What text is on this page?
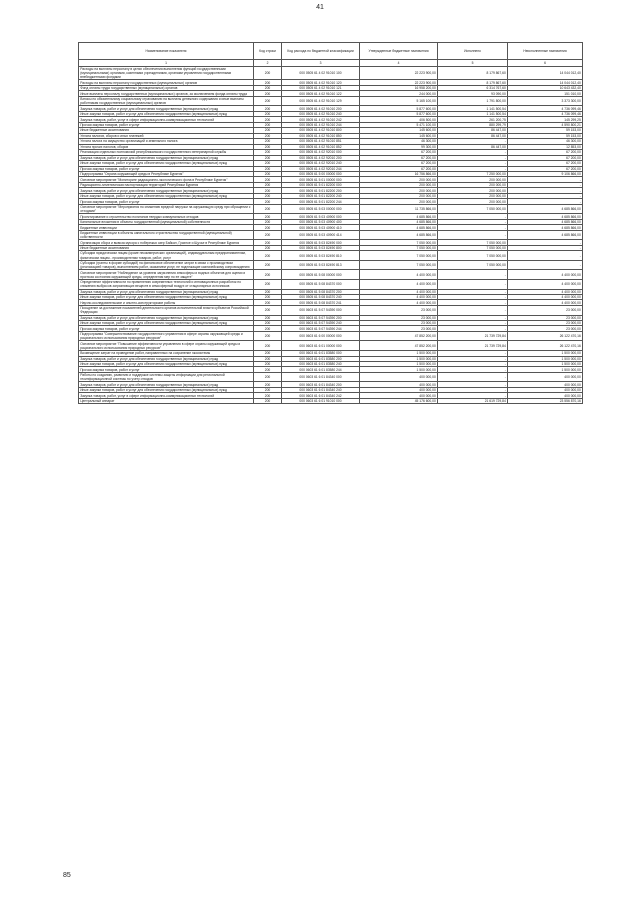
41
Наименование показателя	Код строки	Код расхода по бюджетной классификации	Утвержденные бюджетные назначения	Исполнено	Неисполненные назначения
1	2	3	4	5	6
Расходы на выплаты персоналу в целях обеспечения выполнения функций государственными (муниципальными) органами, казенными учреждениями, органами управления государственными внебюджетными фондами	200	000 0505 61 4 02 91010 100	22 223 900,00	8 179 867,60	14 044 012,40
Расходы на выплаты персоналу государственных (муниципальных) органов	200	000 0505 61 4 02 91010 120	22 223 900,00	8 179 867,60	14 044 012,40
Фонд оплаты труда государственных (муниципальных) органов	200	000 0505 61 4 02 91010 121	16 958 200,00	6 314 767,60	10 643 432,40
Иные выплаты персоналу государственных (муниципальных) органов, за исключением фонда оплаты труда	200	000 0505 61 4 02 91010 122	244 000,00	93 090,00	151 010,00
Взносы по обязательному социальному страхованию на выплаты денежного содержания и иные выплаты работникам государственных (муниципальных) органов	200	000 0505 61 4 02 91010 129	5 165 100,00	1 791 800,00	3 373 300,00
Закупка товаров, работ и услуг для обеспечения государственных (муниципальных) нужд	200	000 0505 61 4 02 91010 200	5 877 600,00	1 141 500,54	4 736 099,46
Иные закупки товаров, работ и услуг для обеспечения государственных (муниципальных) нужд	200	000 0505 61 4 02 91010 240	5 877 600,00	1 141 500,54	4 736 099,46
Закупка товаров, работ, услуг в сфере информационно-коммуникационных технологий	200	000 0505 61 4 02 91010 242	406 500,00	261 200,75	145 299,25
Прочая закупка товаров, работ и услуг	200	000 0505 61 4 02 91010 244	5 471 100,00	880 299,79	4 590 800,21
Иные бюджетные ассигнования	200	000 0505 61 4 02 91010 800	145 600,00	86 447,00	59 153,00
Уплата налогов, сборов и иных платежей	200	000 0505 61 4 02 91010 850	145 600,00	86 447,00	59 153,00
Уплата налога на имущество организаций и земельного налога	200	000 0505 61 4 02 91010 851	46 300,00	-	46 300,00
Уплата прочих налогов, сборов	200	000 0505 61 4 02 91010 852	99 300,00	86 447,00	12 853,00
Реализация отдельных полномочий республиканского государственного ветеринарной службы	200	000 0505 61 4 02 92010 000	67 200,00	-	67 200,00
Закупка товаров, работ и услуг для обеспечения государственных (муниципальных) нужд	200	000 0505 61 4 02 92010 200	67 200,00	-	67 200,00
Иные закупки товаров, работ и услуг для обеспечения государственных (муниципальных) нужд	200	000 0505 61 4 02 92010 240	67 200,00	-	67 200,00
Прочая закупка товаров, работ и услуг	200	000 0505 61 4 02 92010 244	67 200,00	-	67 200,00
Подпрограмма "Охрана окружающей среды в Республике Бурятия"	200	000 0505 61 5 00 00000 000	16 756 866,00	7 250 000,00	9 106 866,00
Основное мероприятие "Мониторинг радиационно-экологического фона в Республике Бурятия"	200	000 0505 61 5 01 00000 000	200 000,00	200 000,00	-
Радиационно-гигиеническая паспортизация территорий Республики Бурятия	200	000 0505 61 5 01 82200 000	200 000,00	200 000,00	-
Закупка товаров, работ и услуг для обеспечения государственных (муниципальных) нужд	200	000 0505 61 5 01 82200 200	200 000,00	200 000,00	-
Иные закупки товаров, работ и услуг для обеспечения государственных (муниципальных) нужд	200	000 0505 61 5 01 82200 240	200 000,00	200 000,00	-
Прочая закупка товаров, работ и услуг	200	000 0505 61 5 01 82200 244	200 000,00	200 000,00	-
Основное мероприятие "Мероприятия по снижению вредной нагрузки на окружающую среду при обращении с отходами"	200	000 0505 61 5 03 00000 000	11 735 866,00	7 050 000,00	4 685 866,00
Проектирование и строительство полигонов твердых коммунальных отходов	200	000 0505 61 5 03 40900 000	4 685 866,00	-	4 685 866,00
Капитальные вложения в объекты государственной (муниципальной) собственности	200	000 0505 61 5 03 40900 400	4 685 866,00	-	4 685 866,00
Бюджетные инвестиции	200	000 0505 61 5 03 40900 410	4 685 866,00	-	4 685 866,00
Бюджетные инвестиции в объекты капитального строительства государственной (муниципальной) собственности	200	000 0505 61 5 03 40900 414	4 685 866,00	-	4 685 866,00
Организация сбора и вывоза мусора с побережья озер Байкал, Гусиное и Щучье в Республике Бурятия	200	000 0505 61 5 03 82490 000	7 050 000,00	7 050 000,00	-
Иные бюджетные ассигнования	200	000 0505 61 5 03 82490 800	7 050 000,00	7 050 000,00	-
Субсидии юридическим лицам (кроме некоммерческих организаций), индивидуальным предпринимателям, физическим лицам - производителям товаров, работ, услуг	200	000 0505 61 5 03 82490 810	7 050 000,00	7 050 000,00	-
Субсидии (гранты в форме субсидий) на финансовое обеспечение затрат в связи с производством (реализацией товаров), выполнением работ, оказанием услуг, не подлежащие казначейскому сопровождению	200	000 0505 61 5 03 82490 813	7 050 000,00	7 050 000,00	-
Основное мероприятие "Наблюдение за уровнем загрязнения атмосферы и водных объектов для оценки и прогноза состояния окружающей среды, определения мер по ее защите"	200	000 0505 61 5 08 00000 000	4 400 000,00	-	4 400 000,00
Определение эффективности по применению современных технологий и инновационных разработок по снижению выбросов загрязняющих веществ в атмосферный воздух от стационарных источников	200	000 0505 61 5 08 84370 000	4 400 000,00	-	4 400 000,00
Закупка товаров, работ и услуг для обеспечения государственных (муниципальных) нужд	200	000 0505 61 5 08 84370 200	4 400 000,00	-	4 400 000,00
Иные закупки товаров, работ и услуг для обеспечения государственных (муниципальных) нужд	200	000 0505 61 5 08 84370 240	4 400 000,00	-	4 400 000,00
Научно-исследовательские и опытно-конструкторские работы	200	000 0505 61 5 08 84370 241	4 400 000,00	-	4 400 000,00
Поощрение за достижение показателей деятельности органов исполнительной власти субъектов Российской Федерации	200	000 0603 61 5 07 54390 000	23 000,00	-	23 000,00
Закупка товаров, работ и услуг для обеспечения государственных (муниципальных) нужд	200	000 0603 61 5 07 54390 200	23 000,00	-	23 000,00
Иные закупки товаров, работ и услуг для обеспечения государственных (муниципальных) нужд	200	000 0603 61 5 07 54390 240	23 000,00	-	23 000,00
Прочая закупка товаров, работ и услуг	200	000 0603 61 5 07 54390 244	23 000,00	-	23 000,00
Подпрограмма "Совершенствование государственного управления в сфере охраны окружающей среды и рационального использования природных ресурсов"	200	000 0603 61 6 00 00000 000	47 852 200,00	21 739 729,84	26 122 470,16
Основное мероприятие "Повышение эффективности управления в сфере охраны окружающей среды и рационального использования природных ресурсов"	200	000 0603 61 6 01 00000 000	47 852 200,00	21 739 729,84	26 122 470,16
Возмещение затрат на проведение работ, направленных на сохранение экосистемы	200	000 0603 61 6 01 83580 000	1 500 000,00	-	1 500 000,00
Закупка товаров, работ и услуг для обеспечения государственных (муниципальных) нужд	200	000 0603 61 6 01 83580 200	1 500 000,00	-	1 500 000,00
Иные закупки товаров, работ и услуг для обеспечения государственных (муниципальных) нужд	200	000 0603 61 6 01 83580 240	1 500 000,00	-	1 500 000,00
Прочая закупка товаров, работ и услуг	200	000 0603 61 6 01 83580 244	1 500 000,00	-	1 500 000,00
Работы по созданию, развитию и поддержке системы защиты информации для региональной геоинформационной системы по учету отходов	200	000 0603 61 6 01 84340 000	400 000,00	-	400 000,00
Закупка товаров, работ и услуг для обеспечения государственных (муниципальных) нужд	200	000 0603 61 6 01 84340 200	400 000,00	-	400 000,00
Иные закупки товаров, работ и услуг для обеспечения государственных (муниципальных) нужд	200	000 0603 61 6 01 84340 240	400 000,00	-	400 000,00
Закупка товаров, работ, услуг в сфере информационно-коммуникационных технологий	200	000 0603 61 6 01 84340 242	400 000,00	-	400 000,00
Центральный аппарат	200	000 0603 61 6 01 91010 000	45 176 600,00	21 619 729,84	23 556 870,16
85
